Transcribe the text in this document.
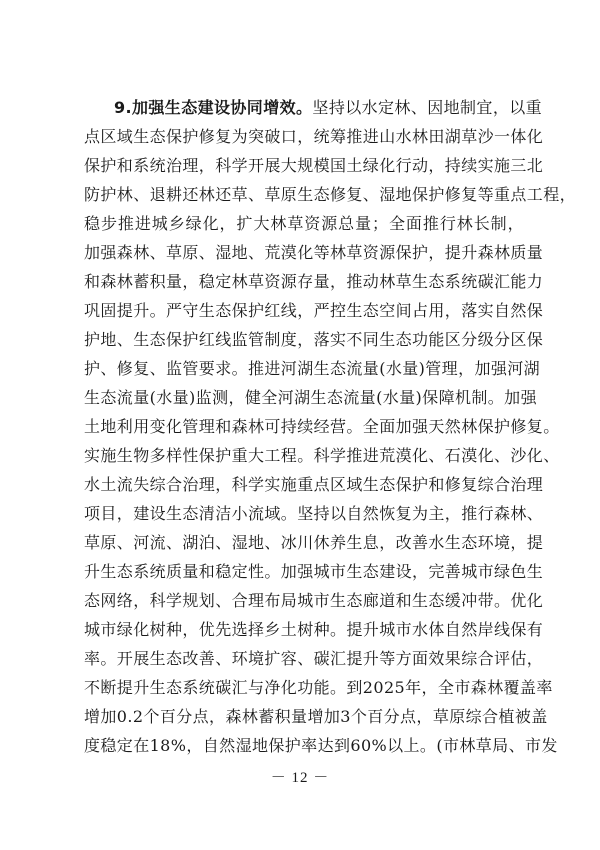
9.加强生态建设协同增效。坚持以水定林、因地制宜，以重
点区域生态保护修复为突破口，统筹推进山水林田湖草沙一体化
保护和系统治理，科学开展大规模国土绿化行动，持续实施三北
防护林、退耕还林还草、草原生态修复、湿地保护修复等重点工程，
稳步推进城乡绿化，扩大林草资源总量；全面推行林长制，
加强森林、草原、湿地、荒漠化等林草资源保护，提升森林质量
和森林蓄积量，稳定林草资源存量，推动林草生态系统碳汇能力
巩固提升。严守生态保护红线，严控生态空间占用，落实自然保
护地、生态保护红线监管制度，落实不同生态功能区分级分区保
护、修复、监管要求。推进河湖生态流量(水量)管理，加强河湖
生态流量(水量)监测，健全河湖生态流量(水量)保障机制。加强
土地利用变化管理和森林可持续经营。全面加强天然林保护修复。
实施生物多样性保护重大工程。科学推进荒漠化、石漠化、沙化、
水土流失综合治理，科学实施重点区域生态保护和修复综合治理
项目，建设生态清洁小流域。坚持以自然恢复为主，推行森林、
草原、河流、湖泊、湿地、冰川休养生息，改善水生态环境，提
升生态系统质量和稳定性。加强城市生态建设，完善城市绿色生
态网络，科学规划、合理布局城市生态廊道和生态缓冲带。优化
城市绿化树种，优先选择乡土树种。提升城市水体自然岸线保有
率。开展生态改善、环境扩容、碳汇提升等方面效果综合评估，
不断提升生态系统碳汇与净化功能。到2025年，全市森林覆盖率
增加0.2个百分点，森林蓄积量增加3个百分点，草原综合植被盖
度稳定在18%，自然湿地保护率达到60%以上。(市林草局、市发
－ 12 －
